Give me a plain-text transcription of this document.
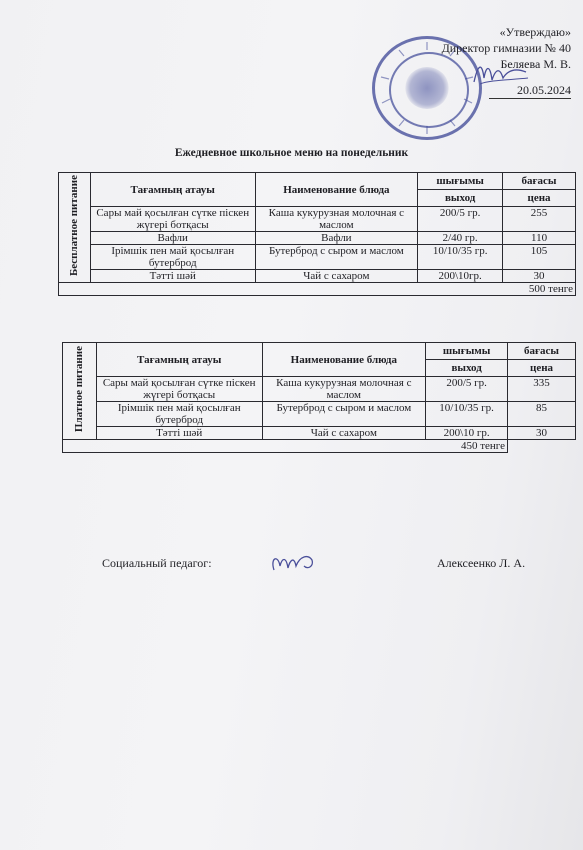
«Утверждаю»
Директор гимназии № 40
Беляева М. В.
20.05.2024
Ежедневное школьное меню на понедельник
Бесплатное питание	Тағамның атауы	Наименование блюда	шығымы	бағасы
			выход	цена
	Сары май қосылған сүтке піскен жүгері ботқасы	Каша кукурузная молочная с маслом	200/5 гр.	255
	Вафли	Вафли	2/40 гр.	110
	Ірімшік пен май қосылған бутерброд	Бутерброд с сыром и маслом	10/10/35 гр.	105
	Тәтті шәй	Чай с сахаром	200\10гр.	30
500 тенге				
Платное питание	Тағамның атауы	Наименование блюда	шығымы	бағасы
			выход	цена
	Сары май қосылған сүтке піскен жүгері ботқасы	Каша кукурузная молочная с маслом	200/5 гр.	335
	Ірімшік пен май қосылған бутерброд	Бутерброд с сыром и маслом	10/10/35 гр.	85
	Тәтті шәй	Чай с сахаром	200\10 гр.	30
450 тенге				
Социальный педагог:	Алексеенко Л. А.
